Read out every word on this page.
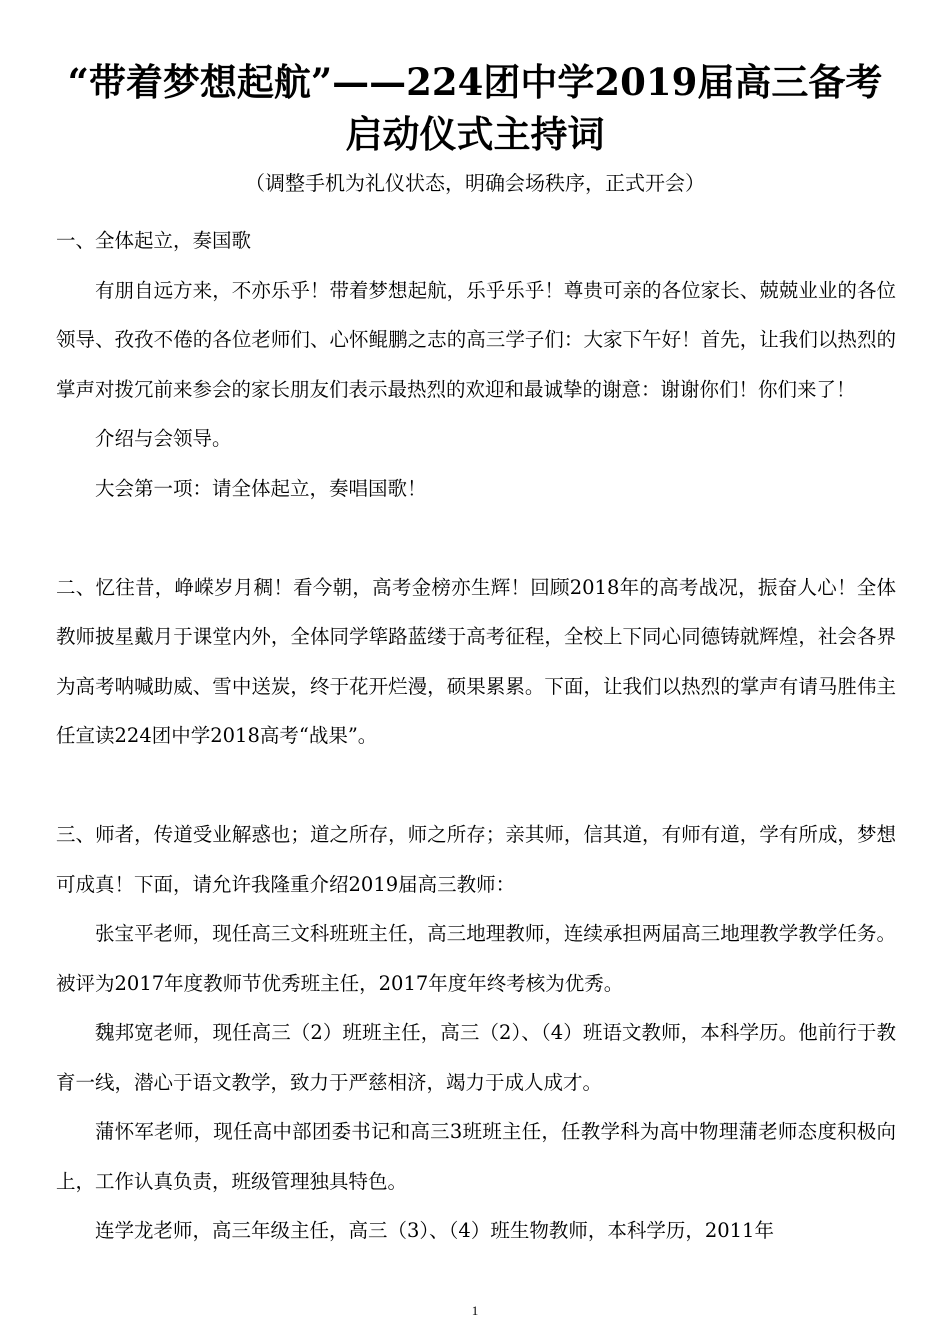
“带着梦想起航”——224团中学2019届高三备考启动仪式主持词

（调整手机为礼仪状态，明确会场秩序，正式开会）

一、全体起立，奏国歌

有朋自远方来，不亦乐乎！带着梦想起航，乐乎乐乎！尊贵可亲的各位家长、兢兢业业的各位领导、孜孜不倦的各位老师们、心怀鲲鹏之志的高三学子们：大家下午好！首先，让我们以热烈的掌声对拨冗前来参会的家长朋友们表示最热烈的欢迎和最诚挚的谢意：谢谢你们！你们来了！

介绍与会领导。

大会第一项：请全体起立，奏唱国歌！

二、忆往昔，峥嵘岁月稠！看今朝，高考金榜亦生辉！回顾2018年的高考战况，振奋人心！全体教师披星戴月于课堂内外，全体同学筚路蓝缕于高考征程，全校上下同心同德铸就辉煌，社会各界为高考呐喊助威、雪中送炭，终于花开烂漫，硕果累累。下面，让我们以热烈的掌声有请马胜伟主任宣读224团中学2018高考“战果”。

三、师者，传道受业解惑也；道之所存，师之所存；亲其师，信其道，有师有道，学有所成，梦想可成真！下面，请允许我隆重介绍2019届高三教师：

张宝平老师，现任高三文科班班主任，高三地理教师，连续承担两届高三地理教学教学任务。被评为2017年度教师节优秀班主任，2017年度年终考核为优秀。

魏邦宽老师，现任高三（2）班班主任，高三（2）、（4）班语文教师，本科学历。他前行于教育一线，潜心于语文教学，致力于严慈相济，竭力于成人成才。

蒲怀军老师，现任高中部团委书记和高三3班班主任，任教学科为高中物理蒲老师态度积极向上，工作认真负责，班级管理独具特色。

连学龙老师，高三年级主任，高三（3）、（4）班生物教师，本科学历，2011年

1
